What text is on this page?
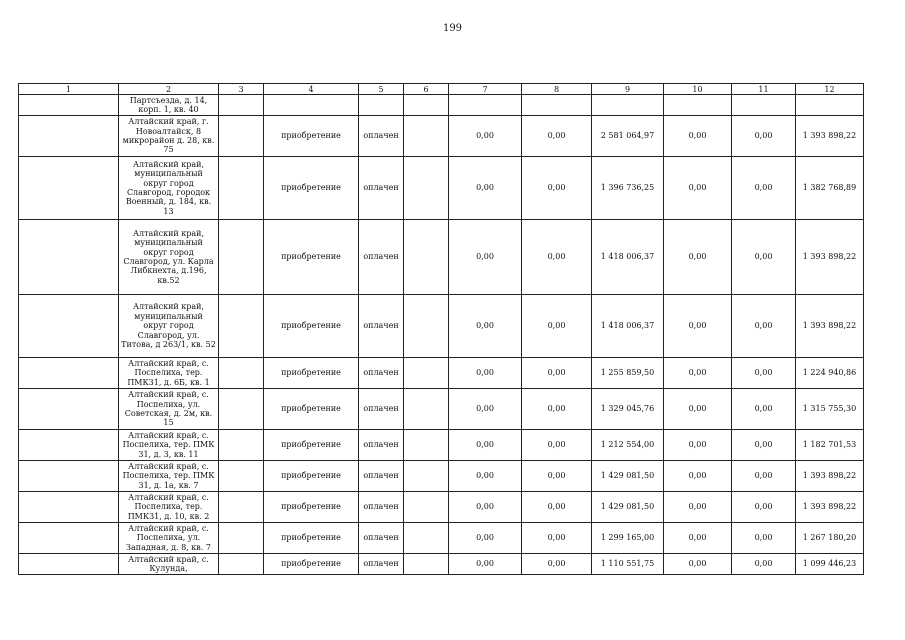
199
1	2	3	4	5	6	7	8	9	10	11	12
	Партсъезда, д. 14, корп. 1, кв. 40										
	Алтайский край, г. Новоалтайск, 8 микрорайон д. 28, кв. 75		приобретение	оплачен		0,00	0,00	2 581 064,97	0,00	0,00	1 393 898,22
	Алтайский край, муниципальный округ город Славгород, городок Военный, д. 184, кв. 13		приобретение	оплачен		0,00	0,00	1 396 736,25	0,00	0,00	1 382 768,89
	Алтайский край, муниципальный округ город Славгород, ул. Карла Либкнехта, д.196, кв.52		приобретение	оплачен		0,00	0,00	1 418 006,37	0,00	0,00	1 393 898,22
	Алтайский край, муниципальный округ город Славгород, ул. Титова, д 263/1, кв. 52		приобретение	оплачен		0,00	0,00	1 418 006,37	0,00	0,00	1 393 898,22
	Алтайский край, с. Поспелиха, тер. ПМК31, д. 6Б, кв. 1		приобретение	оплачен		0,00	0,00	1 255 859,50	0,00	0,00	1 224 940,86
	Алтайский край, с. Поспелиха, ул. Советская, д. 2м, кв. 15		приобретение	оплачен		0,00	0,00	1 329 045,76	0,00	0,00	1 315 755,30
	Алтайский край, с. Поспелиха, тер. ПМК 31, д. 3, кв. 11		приобретение	оплачен		0,00	0,00	1 212 554,00	0,00	0,00	1 182 701,53
	Алтайский край, с. Поспелиха, тер. ПМК 31, д. 1а, кв. 7		приобретение	оплачен		0,00	0,00	1 429 081,50	0,00	0,00	1 393 898,22
	Алтайский край, с. Поспелиха, тер. ПМК31, д. 10, кв. 2		приобретение	оплачен		0,00	0,00	1 429 081,50	0,00	0,00	1 393 898,22
	Алтайский край, с. Поспелиха, ул. Западная, д. 8, кв. 7		приобретение	оплачен		0,00	0,00	1 299 165,00	0,00	0,00	1 267 180,20
	Алтайский край, с. Кулунда,		приобретение	оплачен		0,00	0,00	1 110 551,75	0,00	0,00	1 099 446,23
